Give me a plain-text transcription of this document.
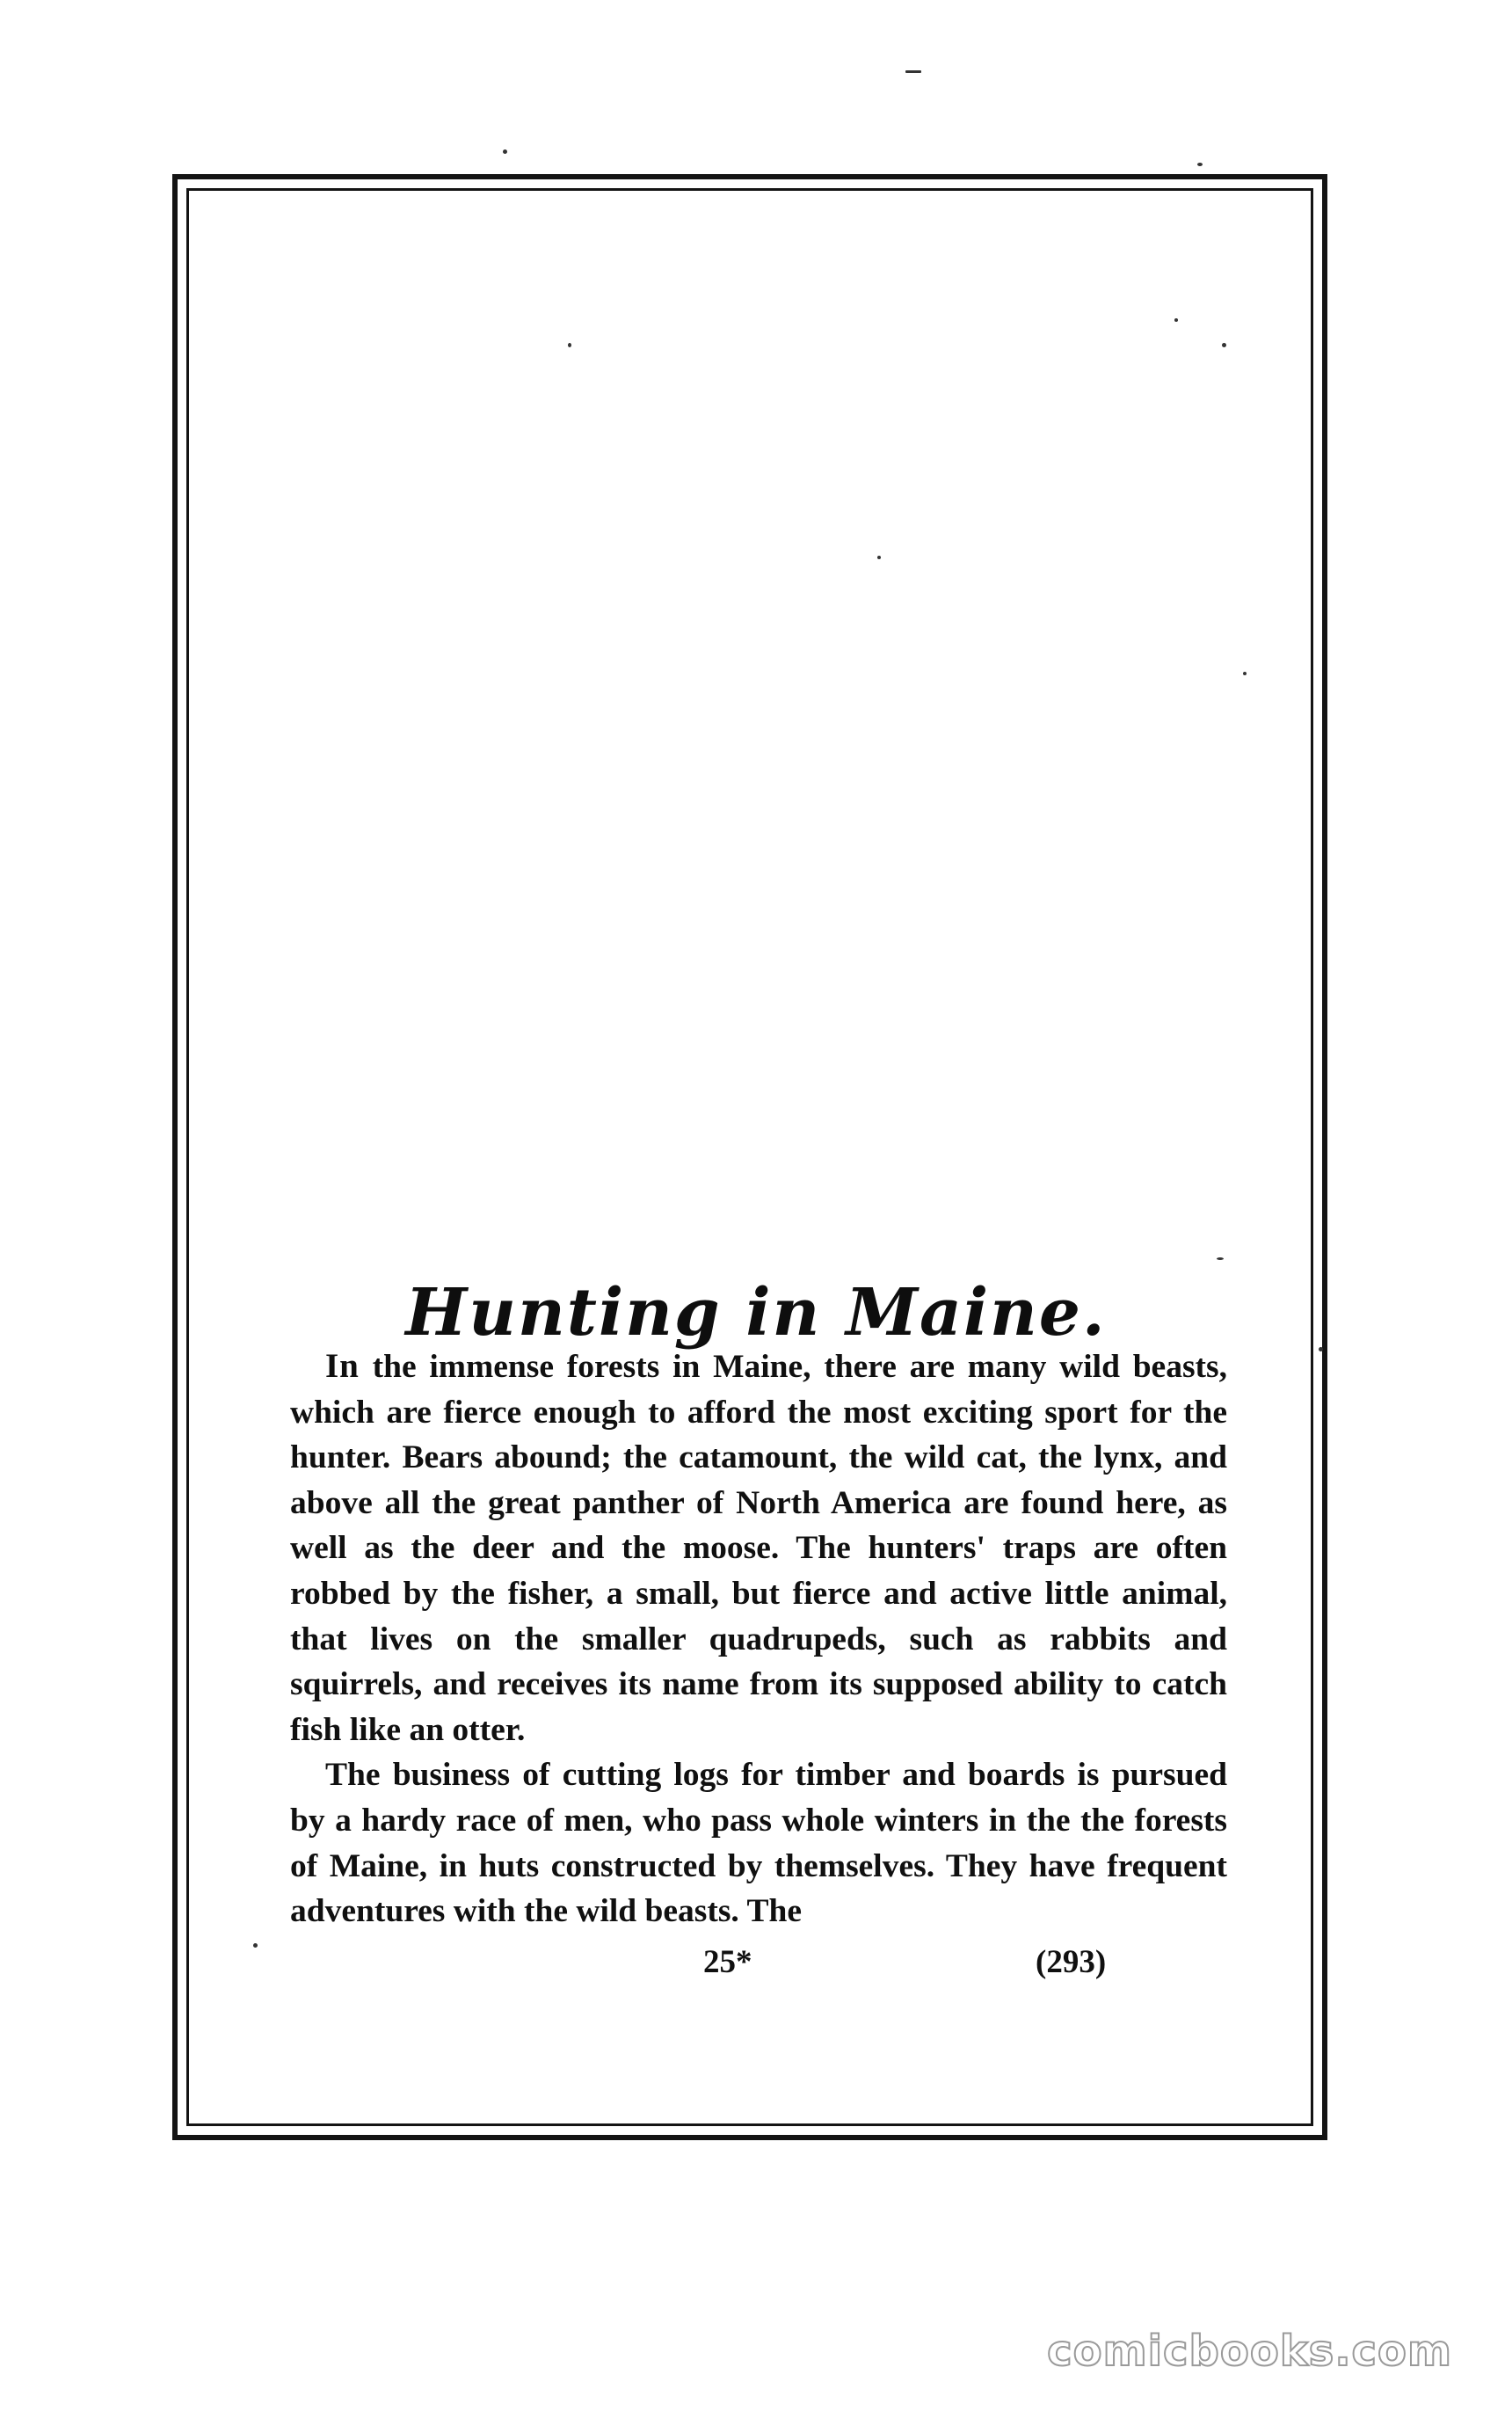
Hunting in Maine.

In the immense forests in Maine, there are many wild beasts, which are fierce enough to afford the most exciting sport for the hunter. Bears abound; the catamount, the wild cat, the lynx, and above all the great panther of North America are found here, as well as the deer and the moose. The hunters' traps are often robbed by the fisher, a small, but fierce and active little animal, that lives on the smaller quadrupeds, such as rabbits and squirrels, and receives its name from its supposed ability to catch fish like an otter.

The business of cutting logs for timber and boards is pursued by a hardy race of men, who pass whole winters in the the forests of Maine, in huts constructed by themselves. They have frequent adventures with the wild beasts. The

25*	(293)
comicbooks.com
